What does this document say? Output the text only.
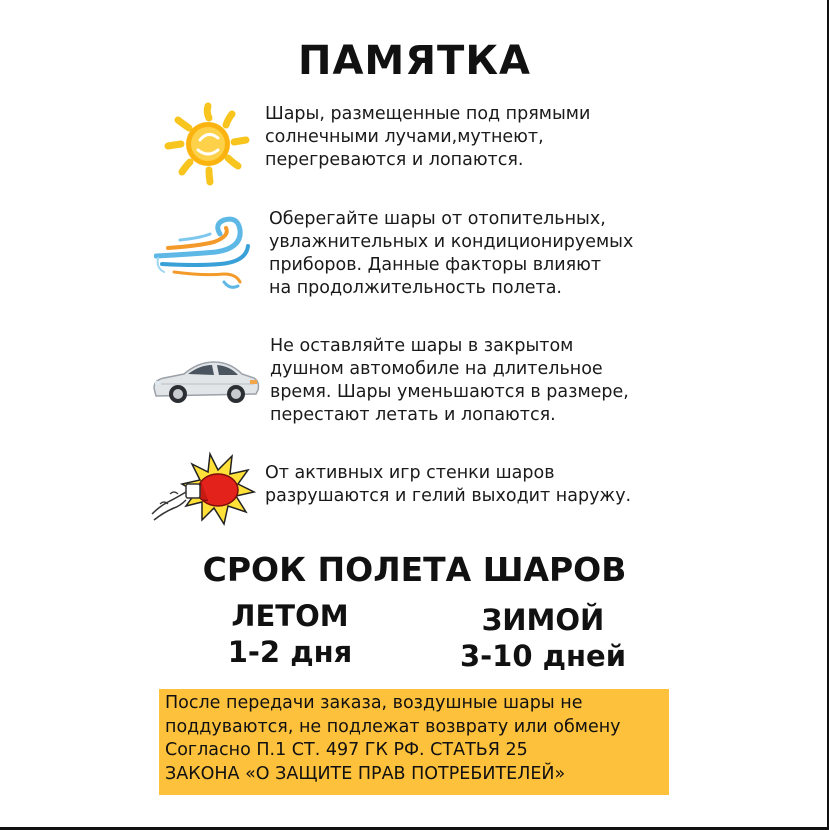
ПАМЯТКА
Шары, размещенные под прямыми
солнечными лучами,мутнеют,
перегреваются и лопаются.
Оберегайте шары от отопительных,
увлажнительных и кондиционируемых
приборов. Данные факторы влияют
на продолжительность полета.
Не оставляйте шары в закрытом
душном автомобиле на длительное
время. Шары уменьшаются в размере,
перестают летать и лопаются.
От активных игр стенки шаров
разрушаются и гелий выходит наружу.
СРОК ПОЛЕТА ШАРОВ
ЛЕТОМ
1-2 дня
ЗИМОЙ
3-10 дней
После передачи заказа, воздушные шары не
поддуваются, не подлежат возврату или обмену
Согласно П.1 СТ. 497 ГК РФ. СТАТЬЯ 25
ЗАКОНА «О ЗАЩИТЕ ПРАВ ПОТРЕБИТЕЛЕЙ»
